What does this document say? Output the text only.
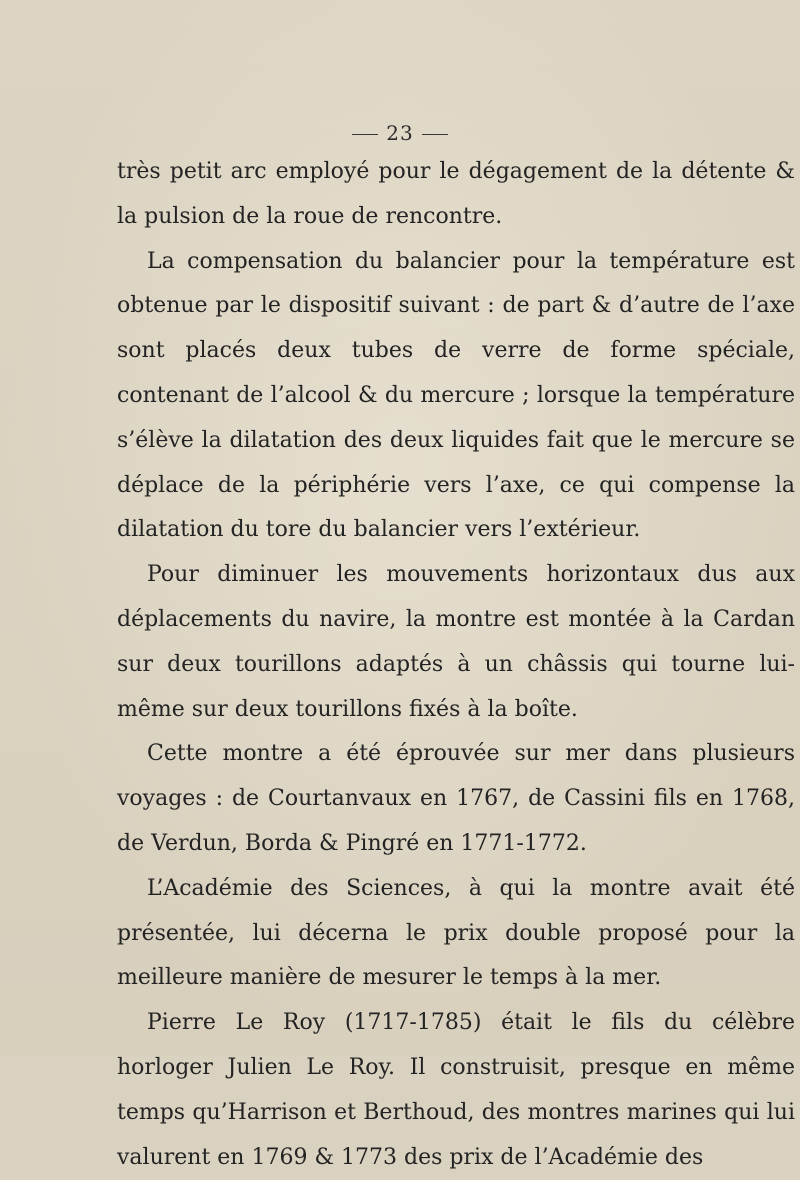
23

très petit arc employé pour le dégagement de la détente & la pulsion de la roue de rencontre.

La compensation du balancier pour la température est obtenue par le dispositif suivant : de part & d’autre de l’axe sont placés deux tubes de verre de forme spéciale, contenant de l’alcool & du mercure ; lorsque la température s’élève la dilatation des deux liquides fait que le mercure se déplace de la périphérie vers l’axe, ce qui compense la dilatation du tore du balancier vers l’extérieur.

Pour diminuer les mouvements horizontaux dus aux déplacements du navire, la montre est montée à la Cardan sur deux tourillons adaptés à un châssis qui tourne lui-même sur deux tourillons fixés à la boîte.

Cette montre a été éprouvée sur mer dans plusieurs voyages : de Courtanvaux en 1767, de Cassini fils en 1768, de Verdun, Borda & Pingré en 1771-1772.

L’Académie des Sciences, à qui la montre avait été présentée, lui décerna le prix double proposé pour la meilleure manière de mesurer le temps à la mer.

Pierre Le Roy (1717-1785) était le fils du célèbre horloger Julien Le Roy. Il construisit, presque en même temps qu’Harrison et Berthoud, des montres marines qui lui valurent en 1769 & 1773 des prix de l’Académie des
